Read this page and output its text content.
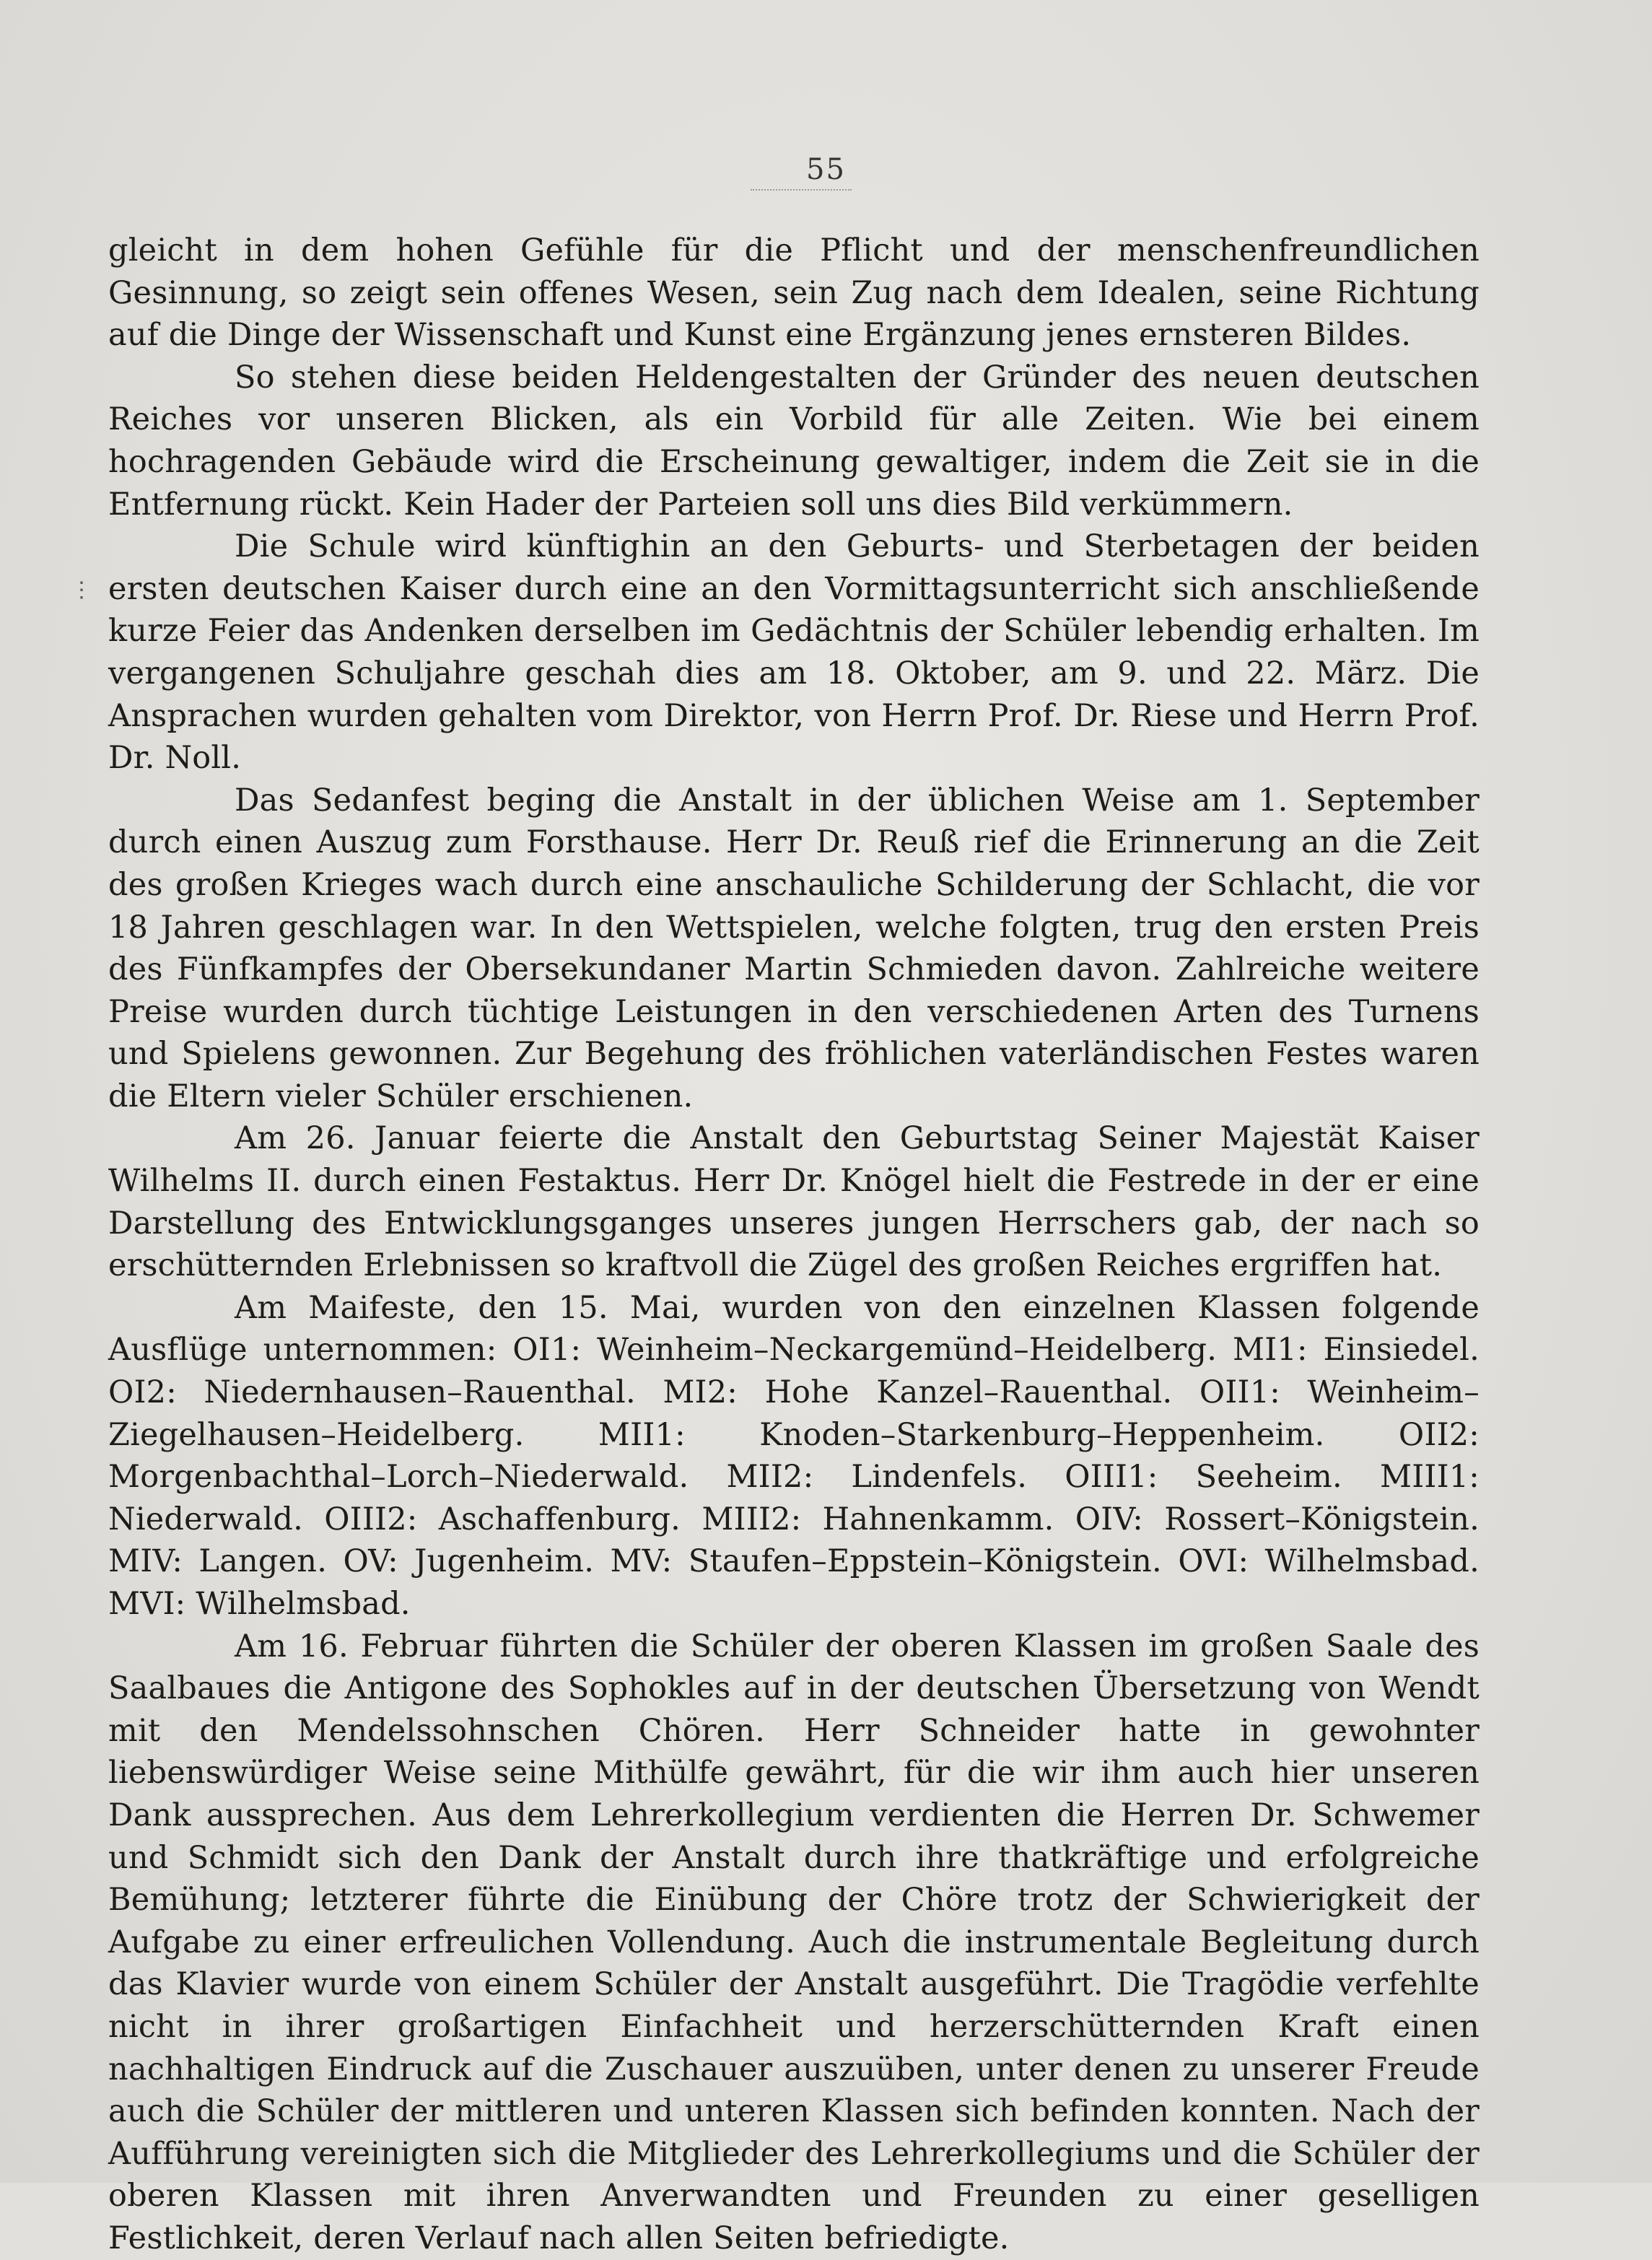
55
⋮

gleicht in dem hohen Gefühle für die Pflicht und der menschenfreundlichen Gesinnung, so zeigt sein offenes Wesen, sein Zug nach dem Idealen, seine Richtung auf die Dinge der Wissenschaft und Kunst eine Ergänzung jenes ernsteren Bildes.

So stehen diese beiden Heldengestalten der Gründer des neuen deutschen Reiches vor unseren Blicken, als ein Vorbild für alle Zeiten. Wie bei einem hochragenden Gebäude wird die Erscheinung gewaltiger, indem die Zeit sie in die Entfernung rückt. Kein Hader der Parteien soll uns dies Bild verkümmern.

Die Schule wird künftighin an den Geburts- und Sterbetagen der beiden ersten deutschen Kaiser durch eine an den Vormittagsunterricht sich anschließende kurze Feier das Andenken derselben im Gedächtnis der Schüler lebendig erhalten. Im vergangenen Schuljahre geschah dies am 18. Oktober, am 9. und 22. März. Die Ansprachen wurden gehalten vom Direktor, von Herrn Prof. Dr. Riese und Herrn Prof. Dr. Noll.

Das Sedanfest beging die Anstalt in der üblichen Weise am 1. September durch einen Auszug zum Forsthause. Herr Dr. Reuß rief die Erinnerung an die Zeit des großen Krieges wach durch eine anschauliche Schilderung der Schlacht, die vor 18 Jahren geschlagen war. In den Wettspielen, welche folgten, trug den ersten Preis des Fünfkampfes der Obersekundaner Martin Schmieden davon. Zahlreiche weitere Preise wurden durch tüchtige Leistungen in den verschiedenen Arten des Turnens und Spielens gewonnen. Zur Begehung des fröhlichen vaterländischen Festes waren die Eltern vieler Schüler erschienen.

Am 26. Januar feierte die Anstalt den Geburtstag Seiner Majestät Kaiser Wilhelms II. durch einen Festaktus. Herr Dr. Knögel hielt die Festrede in der er eine Darstellung des Entwicklungsganges unseres jungen Herrschers gab, der nach so erschütternden Erlebnissen so kraftvoll die Zügel des großen Reiches ergriffen hat.

Am Maifeste, den 15. Mai, wurden von den einzelnen Klassen folgende Ausflüge unternommen: OI1: Weinheim–Neckargemünd–Heidelberg. MI1: Einsiedel. OI2: Niedernhausen–Rauenthal. MI2: Hohe Kanzel–Rauenthal. OII1: Weinheim–Ziegelhausen–Heidelberg. MII1: Knoden–Starkenburg–Heppenheim. OII2: Morgenbachthal–Lorch–Niederwald. MII2: Lindenfels. OIII1: Seeheim. MIII1: Niederwald. OIII2: Aschaffenburg. MIII2: Hahnenkamm. OIV: Rossert–Königstein. MIV: Langen. OV: Jugenheim. MV: Staufen–Eppstein–Königstein. OVI: Wilhelmsbad. MVI: Wilhelmsbad.

Am 16. Februar führten die Schüler der oberen Klassen im großen Saale des Saalbaues die Antigone des Sophokles auf in der deutschen Übersetzung von Wendt mit den Mendelssohnschen Chören. Herr Schneider hatte in gewohnter liebenswürdiger Weise seine Mithülfe gewährt, für die wir ihm auch hier unseren Dank aussprechen. Aus dem Lehrerkollegium verdienten die Herren Dr. Schwemer und Schmidt sich den Dank der Anstalt durch ihre thatkräftige und erfolgreiche Bemühung; letzterer führte die Einübung der Chöre trotz der Schwierigkeit der Aufgabe zu einer erfreulichen Vollendung. Auch die instrumentale Begleitung durch das Klavier wurde von einem Schüler der Anstalt ausgeführt. Die Tragödie verfehlte nicht in ihrer großartigen Einfachheit und herzerschütternden Kraft einen nachhaltigen Eindruck auf die Zuschauer auszuüben, unter denen zu unserer Freude auch die Schüler der mittleren und unteren Klassen sich befinden konnten. Nach der Aufführung vereinigten sich die Mitglieder des Lehrerkollegiums und die Schüler der oberen Klassen mit ihren Anverwandten und Freunden zu einer geselligen Festlichkeit, deren Verlauf nach allen Seiten befriedigte.
